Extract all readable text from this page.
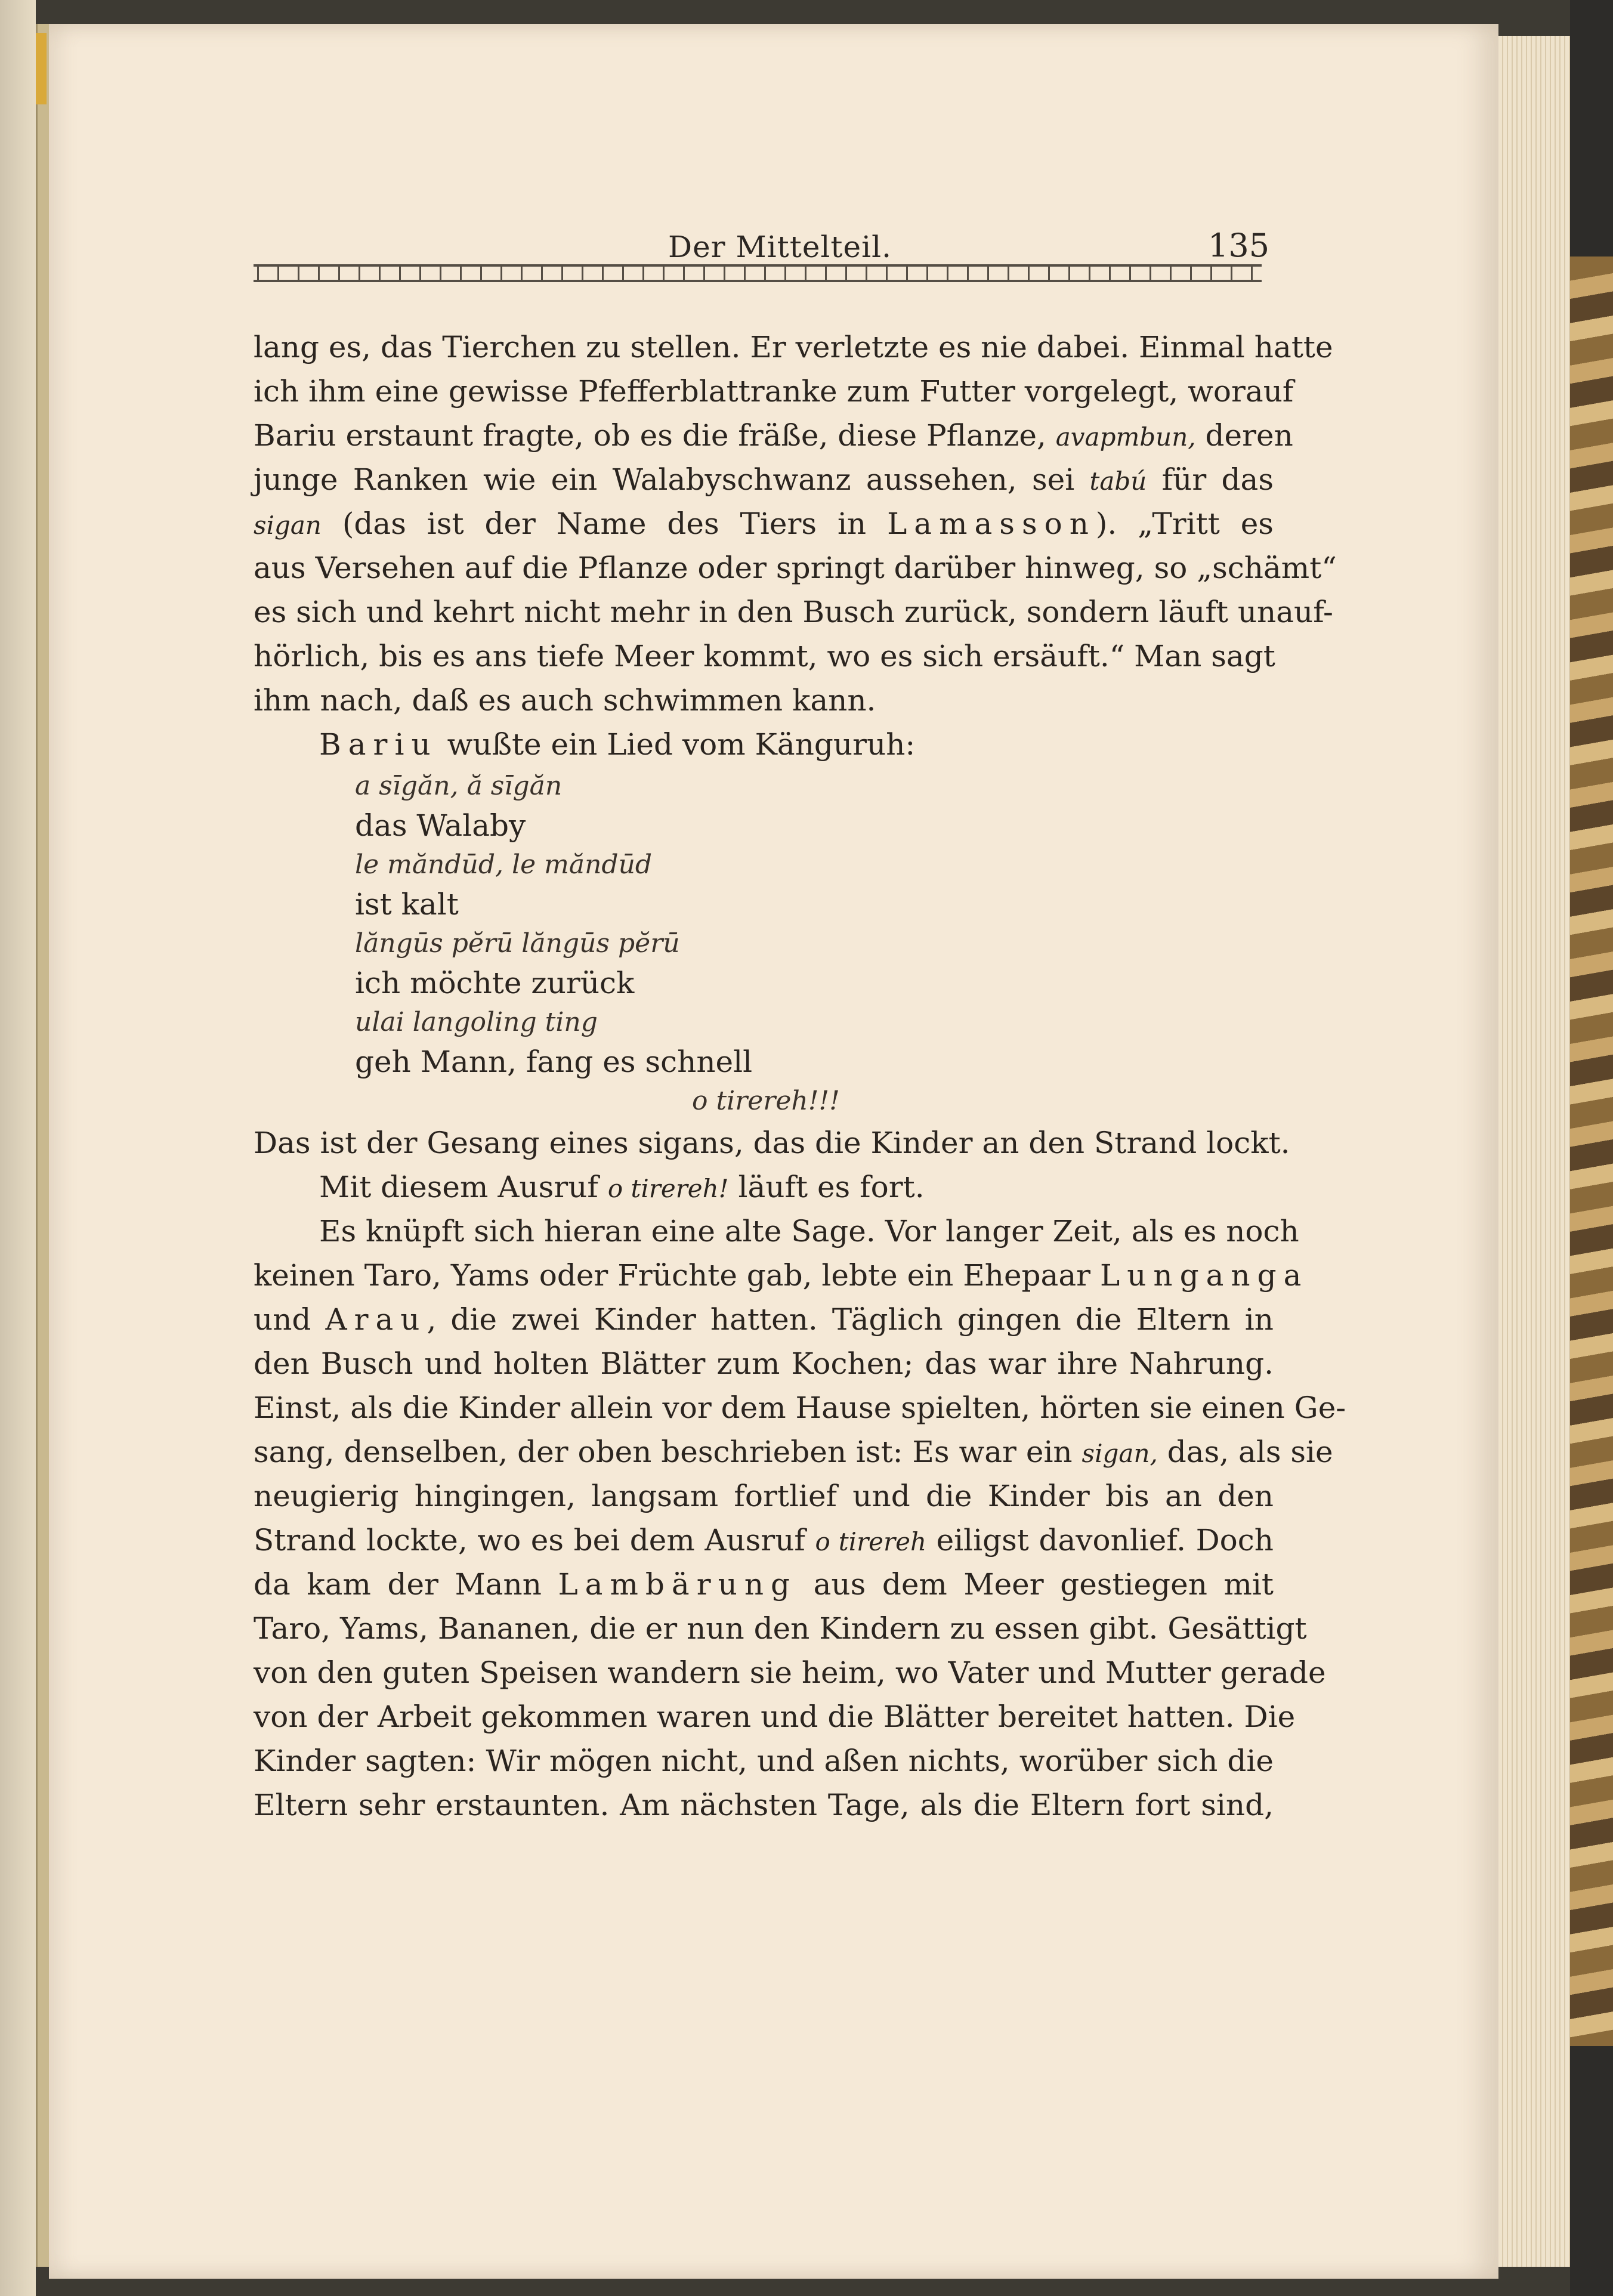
Der Mittelteil.	135
lang es, das Tierchen zu stellen. Er verletzte es nie dabei. Einmal hatte
ich ihm eine gewisse Pfefferblattranke zum Futter vorgelegt, worauf
Bariu erstaunt fragte, ob es die fräße, diese Pflanze, avapmbun, deren
junge Ranken wie ein Walabyschwanz aussehen, sei tabú für das
sigan (das ist der Name des Tiers in Lamasson). „Tritt es
aus Versehen auf die Pflanze oder springt darüber hinweg, so „schämt“
es sich und kehrt nicht mehr in den Busch zurück, sondern läuft unauf-
hörlich, bis es ans tiefe Meer kommt, wo es sich ersäuft.“ Man sagt
ihm nach, daß es auch schwimmen kann.
Bariu wußte ein Lied vom Känguruh:
a sīgăn, ă sīgăn
das Walaby
le măndūd, le măndūd
ist kalt
lăngūs pĕrū lăngūs pĕrū
ich möchte zurück
ulai langoling ting
geh Mann, fang es schnell
o tirereh!!!
Das ist der Gesang eines sigans, das die Kinder an den Strand lockt.
Mit diesem Ausruf o tirereh! läuft es fort.
Es knüpft sich hieran eine alte Sage. Vor langer Zeit, als es noch
keinen Taro, Yams oder Früchte gab, lebte ein Ehepaar Lunganga
und Arau, die zwei Kinder hatten. Täglich gingen die Eltern in
den Busch und holten Blätter zum Kochen; das war ihre Nahrung.
Einst, als die Kinder allein vor dem Hause spielten, hörten sie einen Ge-
sang, denselben, der oben beschrieben ist: Es war ein sigan, das, als sie
neugierig hingingen, langsam fortlief und die Kinder bis an den
Strand lockte, wo es bei dem Ausruf o tirereh eiligst davonlief. Doch
da kam der Mann Lambärung aus dem Meer gestiegen mit
Taro, Yams, Bananen, die er nun den Kindern zu essen gibt. Gesättigt
von den guten Speisen wandern sie heim, wo Vater und Mutter gerade
von der Arbeit gekommen waren und die Blätter bereitet hatten. Die
Kinder sagten: Wir mögen nicht, und aßen nichts, worüber sich die
Eltern sehr erstaunten. Am nächsten Tage, als die Eltern fort sind,
